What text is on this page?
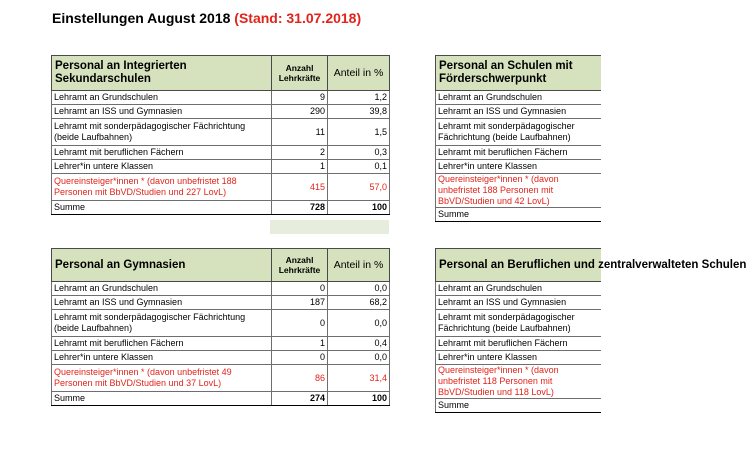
Einstellungen August 2018 (Stand: 31.07.2018)
Personal an Integrierten Sekundarschulen	Anzahl Lehrkräfte	Anteil in %
Lehramt an Grundschulen	9	1,2
Lehramt an ISS und Gymnasien	290	39,8
Lehramt mit sonderpädagogischer Fächrichtung (beide Laufbahnen)	11	1,5
Lehramt mit beruflichen Fächern	2	0,3
Lehrer*in untere Klassen	1	0,1
Quereinsteiger*innen * (davon unbefristet 188 Personen mit BbVD/Studien und 227 LovL)	415	57,0
Summe	728	100
Personal an Gymnasien	Anzahl Lehrkräfte	Anteil in %
Lehramt an Grundschulen	0	0,0
Lehramt an ISS und Gymnasien	187	68,2
Lehramt mit sonderpädagogischer Fächrichtung (beide Laufbahnen)	0	0,0
Lehramt mit beruflichen Fächern	1	0,4
Lehrer*in untere Klassen	0	0,0
Quereinsteiger*innen * (davon unbefristet 49 Personen mit BbVD/Studien und 37 LovL)	86	31,4
Summe	274	100
Personal an Schulen mit Förderschwerpunkt
Lehramt an Grundschulen
Lehramt an ISS und Gymnasien
Lehramt mit sonderpädagogischer Fächrichtung (beide Laufbahnen)
Lehramt mit beruflichen Fächern
Lehrer*in untere Klassen
Quereinsteiger*innen * (davon unbefristet 188 Personen mit BbVD/Studien und 42 LovL)
Summe
Personal an Beruflichen und zentralverwalteten Schulen
Lehramt an Grundschulen
Lehramt an ISS und Gymnasien
Lehramt mit sonderpädagogischer Fächrichtung (beide Laufbahnen)
Lehramt mit beruflichen Fächern
Lehrer*in untere Klassen
Quereinsteiger*innen * (davon unbefristet 118 Personen mit BbVD/Studien und 118 LovL)
Summe
